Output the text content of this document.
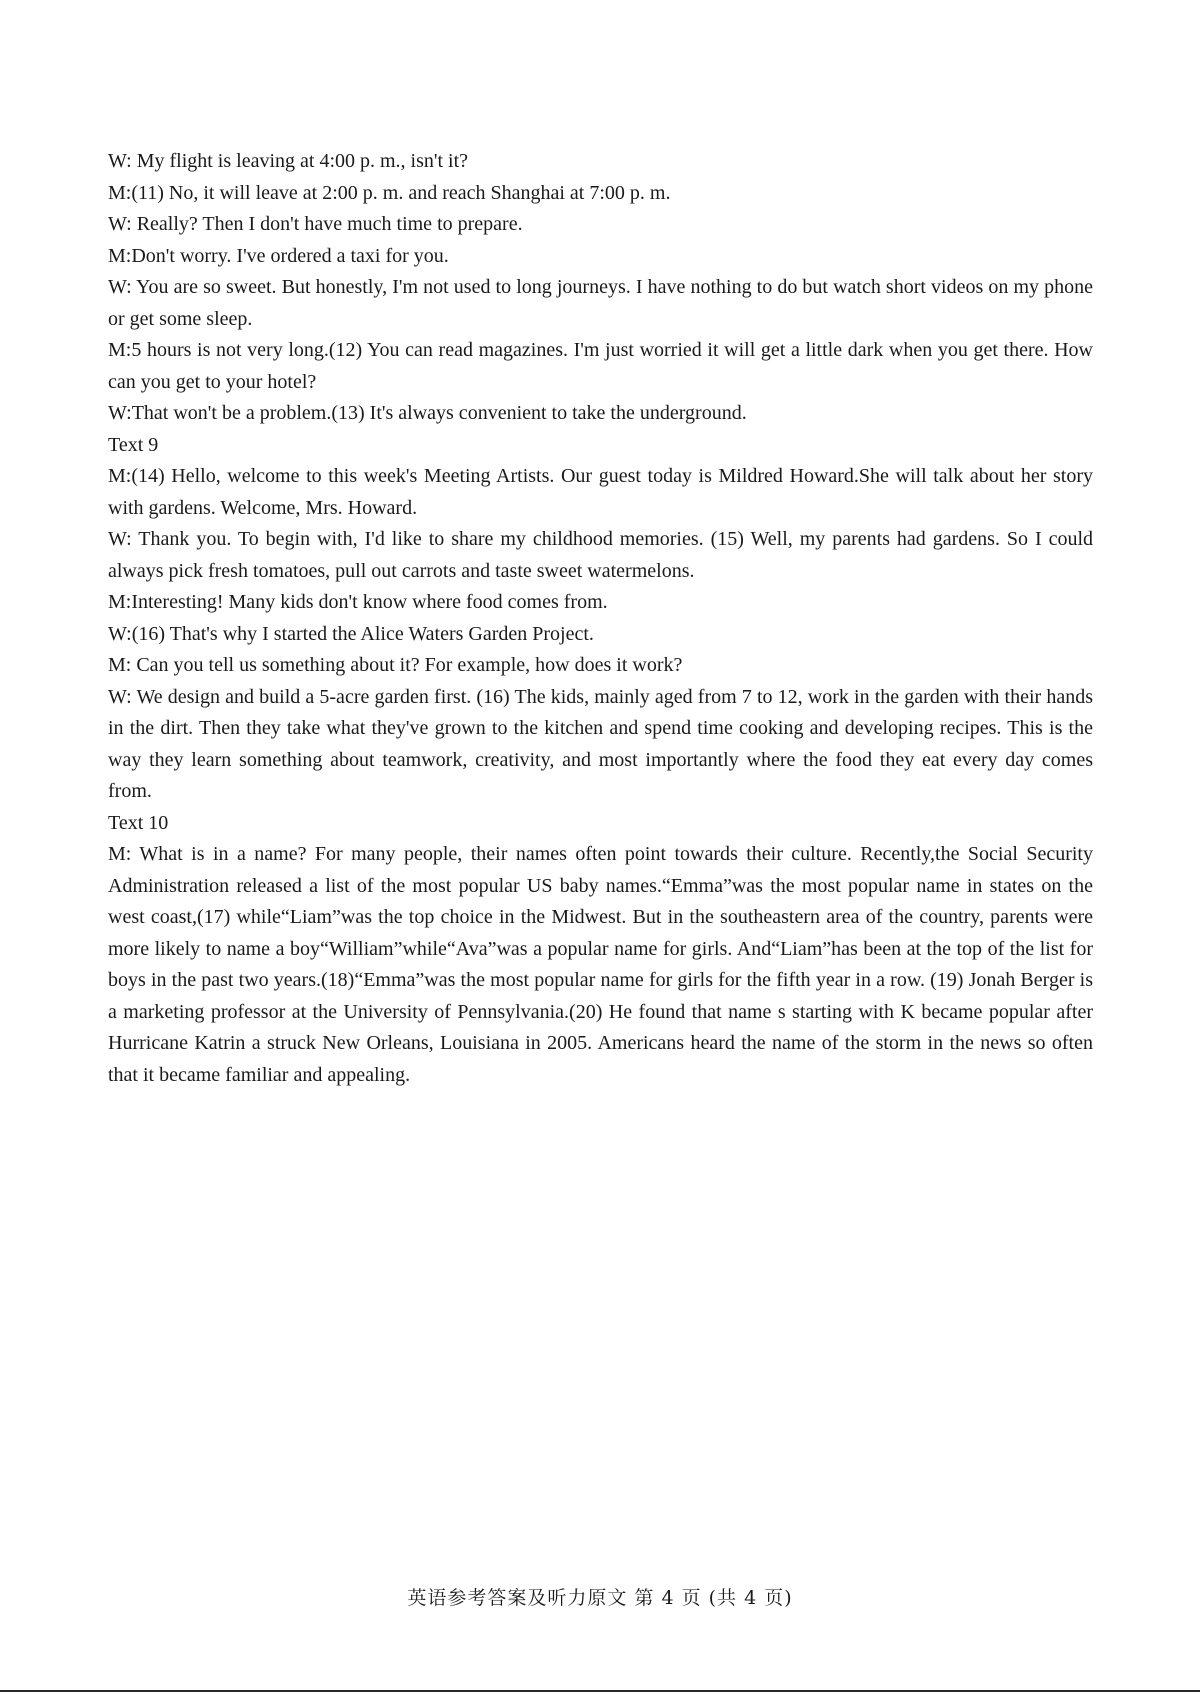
W: My flight is leaving at 4:00 p. m., isn't it?

M:(11) No, it will leave at 2:00 p. m. and reach Shanghai at 7:00 p. m.

W: Really? Then I don't have much time to prepare.

M:Don't worry. I've ordered a taxi for you.

W: You are so sweet. But honestly, I'm not used to long journeys. I have nothing to do but watch short videos on my phone or get some sleep.

M:5 hours is not very long.(12) You can read magazines. I'm just worried it will get a little dark when you get there. How can you get to your hotel?

W:That won't be a problem.(13) It's always convenient to take the underground.

Text 9

M:(14) Hello, welcome to this week's Meeting Artists. Our guest today is Mildred Howard.She will talk about her story with gardens. Welcome, Mrs. Howard.

W: Thank you. To begin with, I'd like to share my childhood memories. (15) Well, my parents had gardens. So I could always pick fresh tomatoes, pull out carrots and taste sweet watermelons.

M:Interesting! Many kids don't know where food comes from.

W:(16) That's why I started the Alice Waters Garden Project.

M: Can you tell us something about it? For example, how does it work?

W: We design and build a 5-acre garden first. (16) The kids, mainly aged from 7 to 12, work in the garden with their hands in the dirt. Then they take what they've grown to the kitchen and spend time cooking and developing recipes. This is the way they learn something about teamwork, creativity, and most importantly where the food they eat every day comes from.

Text 10

M: What is in a name? For many people, their names often point towards their culture. Recently,the Social Security Administration released a list of the most popular US baby names.“Emma”was the most popular name in states on the west coast,(17) while“Liam”was the top choice in the Midwest. But in the southeastern area of the country, parents were more likely to name a boy“William”while“Ava”was a popular name for girls. And“Liam”has been at the top of the list for boys in the past two years.(18)“Emma”was the most popular name for girls for the fifth year in a row. (19) Jonah Berger is a marketing professor at the University of Pennsylvania.(20) He found that name s starting with K became popular after Hurricane Katrin a struck New Orleans, Louisiana in 2005. Americans heard the name of the storm in the news so often that it became familiar and appealing.

英语参考答案及听力原文 第 4 页 (共 4 页)
